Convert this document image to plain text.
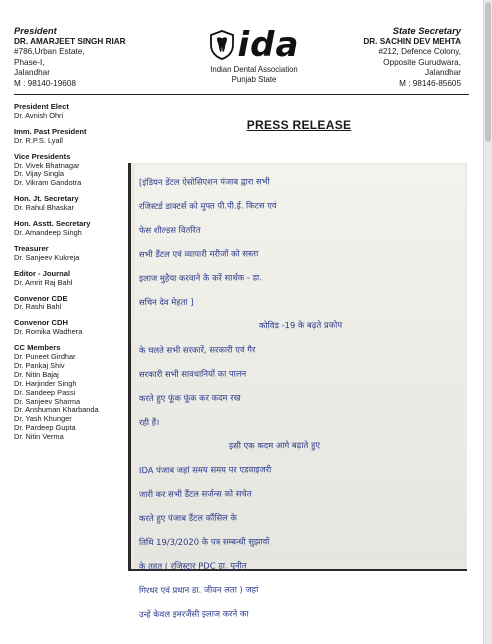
President
DR. AMARJEET SINGH RIAR
#786,Urban Estate,
Phase-I,
Jalandhar
M : 98140-19608
ida
Indian Dental Association
Punjab State
State Secretary
DR. SACHIN DEV MEHTA
#212, Defence Colony,
Opposite Gurudwara,
Jalandhar
M : 98146-85605
President Elect
Dr. Avnish Ohri
Imm. Past President
Dr. R.P.S. Lyall
Vice Presidents
Dr. Vivek Bhatnagar
Dr. Vijay Singla
Dr. Vikram Gandotra
Hon. Jt. Secretary
Dr. Rahul Bhaskar
Hon. Asstt. Secretary
Dr. Amandeep Singh
Treasurer
Dr. Sanjeev Kukreja
Editor - Journal
Dr. Amrit Raj Bahl
Convenor CDE
Dr. Rashi Bahl
Convenor CDH
Dr. Romika Wadhera
CC Members
Dr. Puneet Girdhar
Dr. Pankaj Shiv
Dr. Nitin Bajaj
Dr. Harjinder Singh
Dr. Sandeep Passi
Dr. Sanjeev Sharma
Dr. Anshuman Kharbanda
Dr. Yash Khunger
Dr. Pardeep Gupta
Dr. Nitin Verma
PRESS RELEASE
[इंडियन डेंटल ऐसोसिएशन पंजाब द्वारा सभी
रजिस्टर्ड डाक्टर्स को मुफ्त पी.पी.ई. किटस एवं
फेस शील्डस वितरित
सभी डैंटल एवं व्यापारी मरीजों को सस्ता
इलाज मुहैया करवाने के करें सार्थक - डा.
सचिन देव मेहता ]
कोविड -19 के बढ़ते प्रकोप
के चलते सभी सरकारें, सरकारी एवं गैर
सरकारी सभी सावधानियों का पालन
करते हुए फूंक फूंक कर कदम रख
रही हैं।
इसी एक कदम आगे बढ़ाते हुए
IDA पंजाब जहां समय समय पर एडवाइजरी
जारी कर सभी डैंटल सर्जन्स को सचेत
करते हुए पंजाब डैंटल कौंसिल के
तिथि 19/3/2020 के पत्र सम्बन्धी सुझावों
के तहत ( रजिस्ट्रार PDC डा. पुनीत
गिरधर एवं प्रधान डा. जीवन लता ) जहां
उन्हें केवल इमरजैंसी इलाज करने का
